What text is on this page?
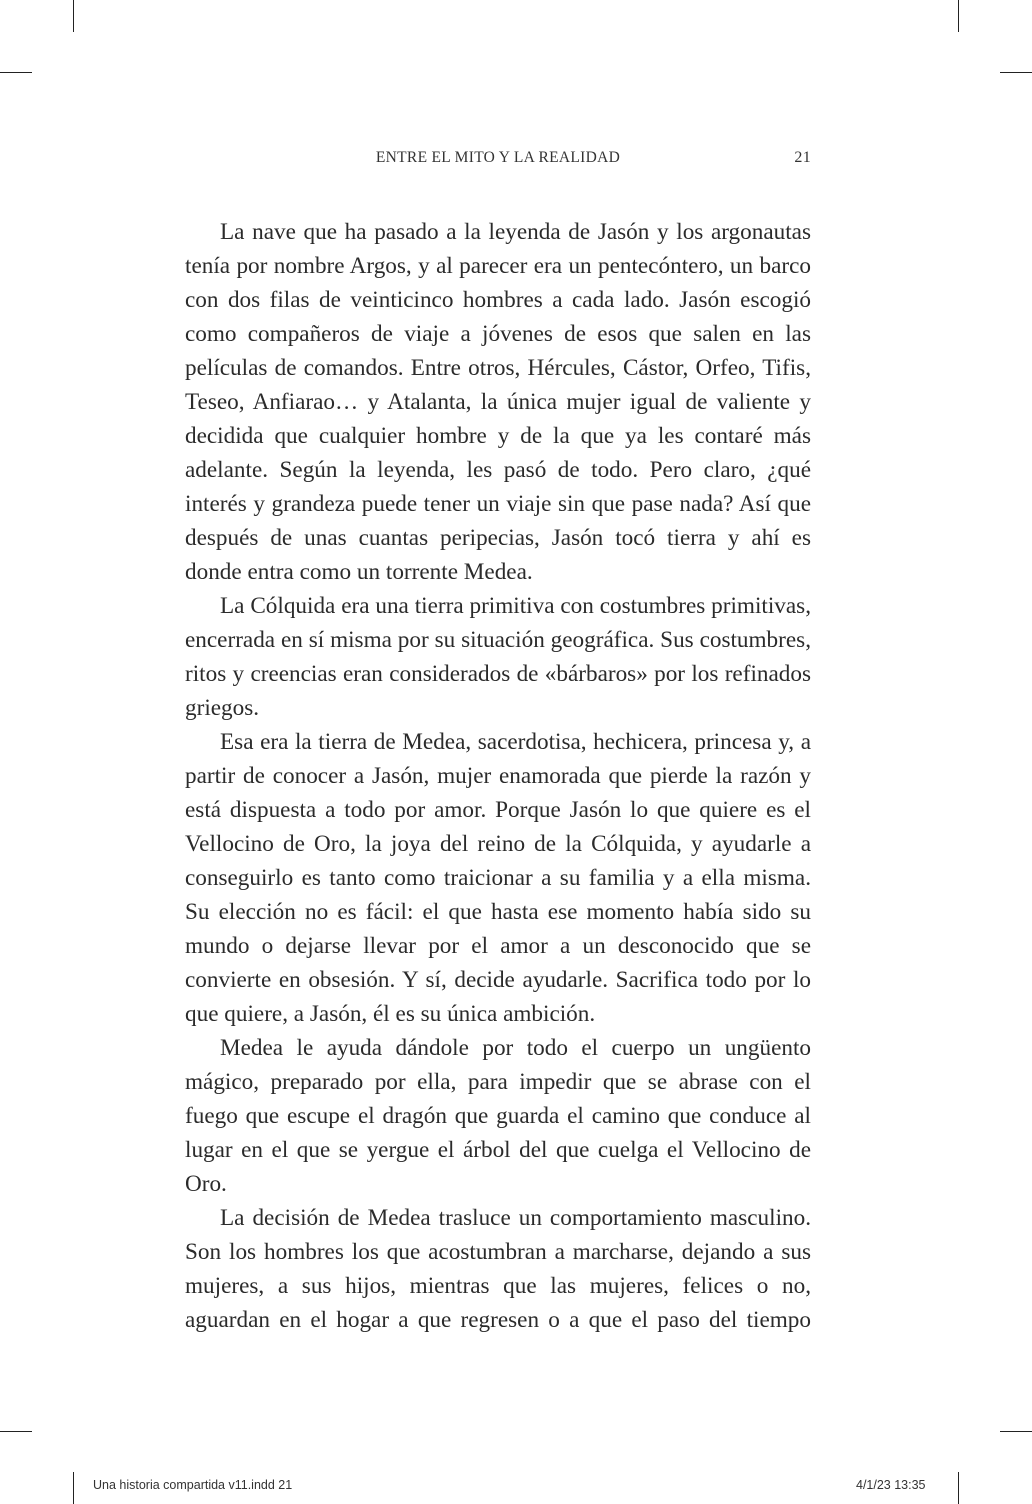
ENTRE EL MITO Y LA REALIDAD	21

La nave que ha pasado a la leyenda de Jasón y los argonautas tenía por nombre Argos, y al parecer era un pentecóntero, un barco con dos filas de veinticinco hombres a cada lado. Jasón escogió como compañeros de viaje a jóvenes de esos que salen en las películas de comandos. Entre otros, Hércules, Cástor, Orfeo, Tifis, Teseo, Anfiarao… y Atalanta, la única mujer igual de valiente y decidida que cualquier hombre y de la que ya les contaré más adelante. Según la leyenda, les pasó de todo. Pero claro, ¿qué interés y grandeza puede tener un viaje sin que pase nada? Así que después de unas cuantas peripecias, Jasón tocó tierra y ahí es donde entra como un torrente Medea.

La Cólquida era una tierra primitiva con costumbres primitivas, encerrada en sí misma por su situación geográfica. Sus costumbres, ritos y creencias eran considerados de «bárbaros» por los refinados griegos.

Esa era la tierra de Medea, sacerdotisa, hechicera, princesa y, a partir de conocer a Jasón, mujer enamorada que pierde la razón y está dispuesta a todo por amor. Porque Jasón lo que quiere es el Vellocino de Oro, la joya del reino de la Cólquida, y ayudarle a conseguirlo es tanto como traicionar a su familia y a ella misma. Su elección no es fácil: el que hasta ese momento había sido su mundo o dejarse llevar por el amor a un desconocido que se convierte en obsesión. Y sí, decide ayudarle. Sacrifica todo por lo que quiere, a Jasón, él es su única ambición.

Medea le ayuda dándole por todo el cuerpo un ungüento mágico, preparado por ella, para impedir que se abrase con el fuego que escupe el dragón que guarda el camino que conduce al lugar en el que se yergue el árbol del que cuelga el Vellocino de Oro.

La decisión de Medea trasluce un comportamiento masculino. Son los hombres los que acostumbran a marcharse, dejando a sus mujeres, a sus hijos, mientras que las mujeres, felices o no, aguardan en el hogar a que regresen o a que el paso del tiempo

Una historia compartida v11.indd 21	4/1/23 13:35
